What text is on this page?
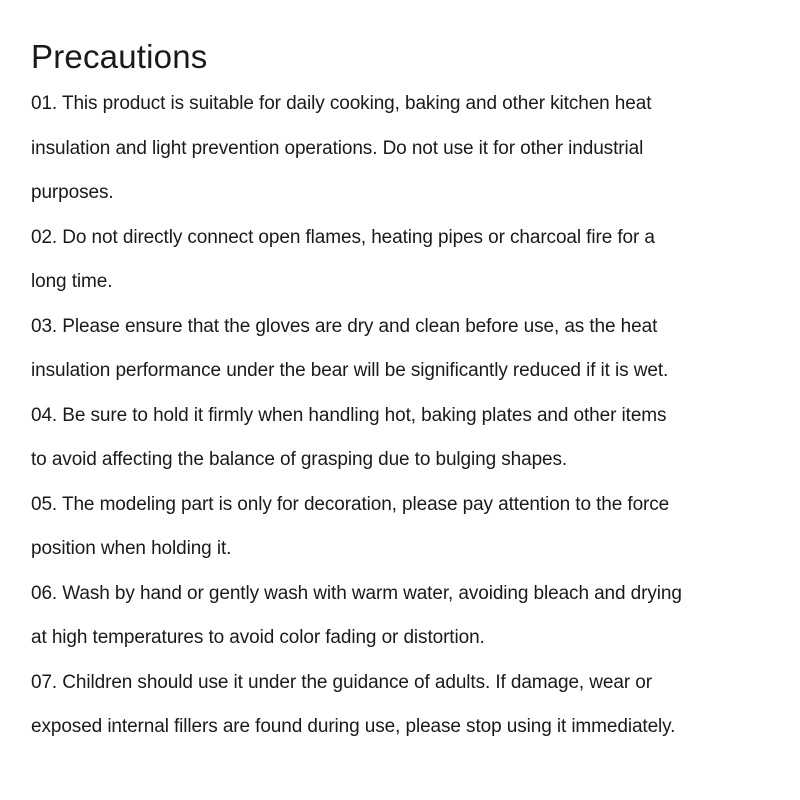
Precautions
01. This product is suitable for daily cooking, baking and other kitchen heat
insulation and light prevention operations. Do not use it for other industrial
purposes.
02. Do not directly connect open flames, heating pipes or charcoal fire for a
long time.
03. Please ensure that the gloves are dry and clean before use, as the heat
insulation performance under the bear will be significantly reduced if it is wet.
04. Be sure to hold it firmly when handling hot, baking plates and other items
to avoid affecting the balance of grasping due to bulging shapes.
05. The modeling part is only for decoration, please pay attention to the force
position when holding it.
06. Wash by hand or gently wash with warm water, avoiding bleach and drying
at high temperatures to avoid color fading or distortion.
07. Children should use it under the guidance of adults. If damage, wear or
exposed internal fillers are found during use, please stop using it immediately.
